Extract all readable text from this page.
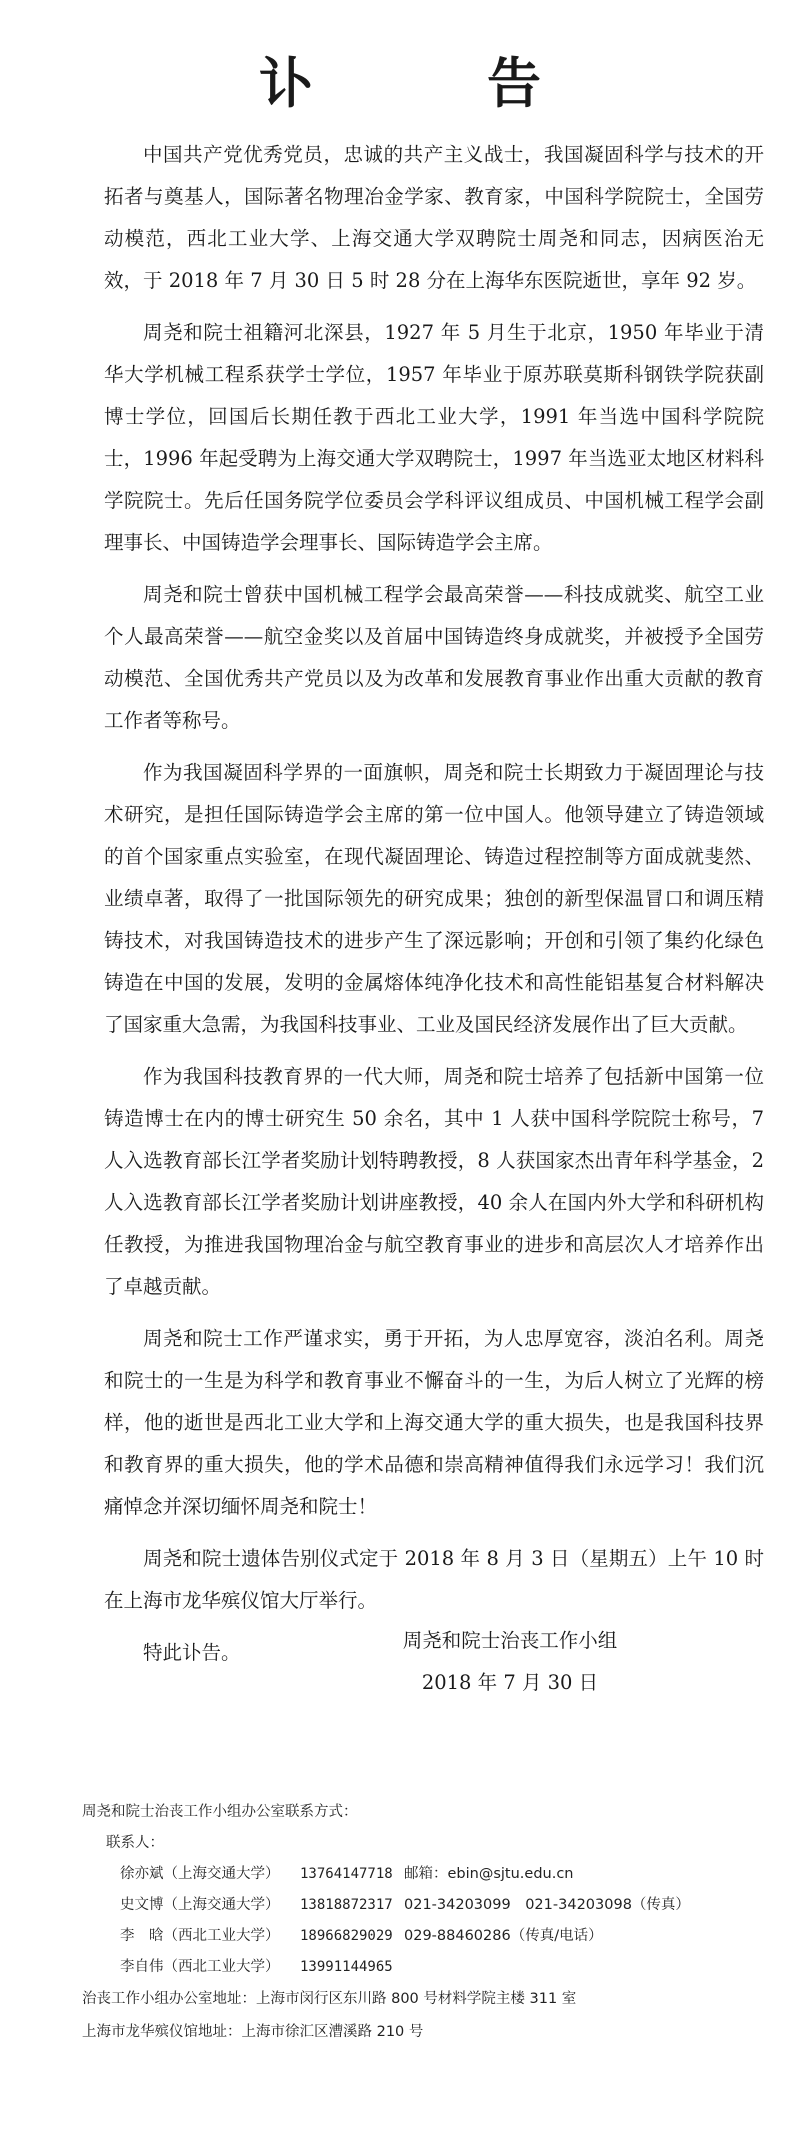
讣　告

中国共产党优秀党员，忠诚的共产主义战士，我国凝固科学与技术的开拓者与奠基人，国际著名物理冶金学家、教育家，中国科学院院士，全国劳动模范，西北工业大学、上海交通大学双聘院士周尧和同志，因病医治无效，于 2018 年 7 月 30 日 5 时 28 分在上海华东医院逝世，享年 92 岁。

周尧和院士祖籍河北深县，1927 年 5 月生于北京，1950 年毕业于清华大学机械工程系获学士学位，1957 年毕业于原苏联莫斯科钢铁学院获副博士学位，回国后长期任教于西北工业大学，1991 年当选中国科学院院士，1996 年起受聘为上海交通大学双聘院士，1997 年当选亚太地区材料科学院院士。先后任国务院学位委员会学科评议组成员、中国机械工程学会副理事长、中国铸造学会理事长、国际铸造学会主席。

周尧和院士曾获中国机械工程学会最高荣誉——科技成就奖、航空工业个人最高荣誉——航空金奖以及首届中国铸造终身成就奖，并被授予全国劳动模范、全国优秀共产党员以及为改革和发展教育事业作出重大贡献的教育工作者等称号。

作为我国凝固科学界的一面旗帜，周尧和院士长期致力于凝固理论与技术研究，是担任国际铸造学会主席的第一位中国人。他领导建立了铸造领域的首个国家重点实验室，在现代凝固理论、铸造过程控制等方面成就斐然、业绩卓著，取得了一批国际领先的研究成果；独创的新型保温冒口和调压精铸技术，对我国铸造技术的进步产生了深远影响；开创和引领了集约化绿色铸造在中国的发展，发明的金属熔体纯净化技术和高性能铝基复合材料解决了国家重大急需，为我国科技事业、工业及国民经济发展作出了巨大贡献。

作为我国科技教育界的一代大师，周尧和院士培养了包括新中国第一位铸造博士在内的博士研究生 50 余名，其中 1 人获中国科学院院士称号，7 人入选教育部长江学者奖励计划特聘教授，8 人获国家杰出青年科学基金，2 人入选教育部长江学者奖励计划讲座教授，40 余人在国内外大学和科研机构任教授，为推进我国物理冶金与航空教育事业的进步和高层次人才培养作出了卓越贡献。

周尧和院士工作严谨求实，勇于开拓，为人忠厚宽容，淡泊名利。周尧和院士的一生是为科学和教育事业不懈奋斗的一生，为后人树立了光辉的榜样，他的逝世是西北工业大学和上海交通大学的重大损失，也是我国科技界和教育界的重大损失，他的学术品德和崇高精神值得我们永远学习！我们沉痛悼念并深切缅怀周尧和院士！

周尧和院士遗体告别仪式定于 2018 年 8 月 3 日（星期五）上午 10 时在上海市龙华殡仪馆大厅举行。

特此讣告。

周尧和院士治丧工作小组
2018 年 7 月 30 日
周尧和院士治丧工作小组办公室联系方式：
联系人：
徐亦斌（上海交通大学）	13764147718 邮箱：ebin@sjtu.edu.cn
史文博（上海交通大学）	13818872317 021-34203099　021-34203098（传真）
李　晗（西北工业大学）	18966829029 029-88460286（传真/电话）
李自伟（西北工业大学）	13991144965
治丧工作小组办公室地址：上海市闵行区东川路 800 号材料学院主楼 311 室
上海市龙华殡仪馆地址：上海市徐汇区漕溪路 210 号
